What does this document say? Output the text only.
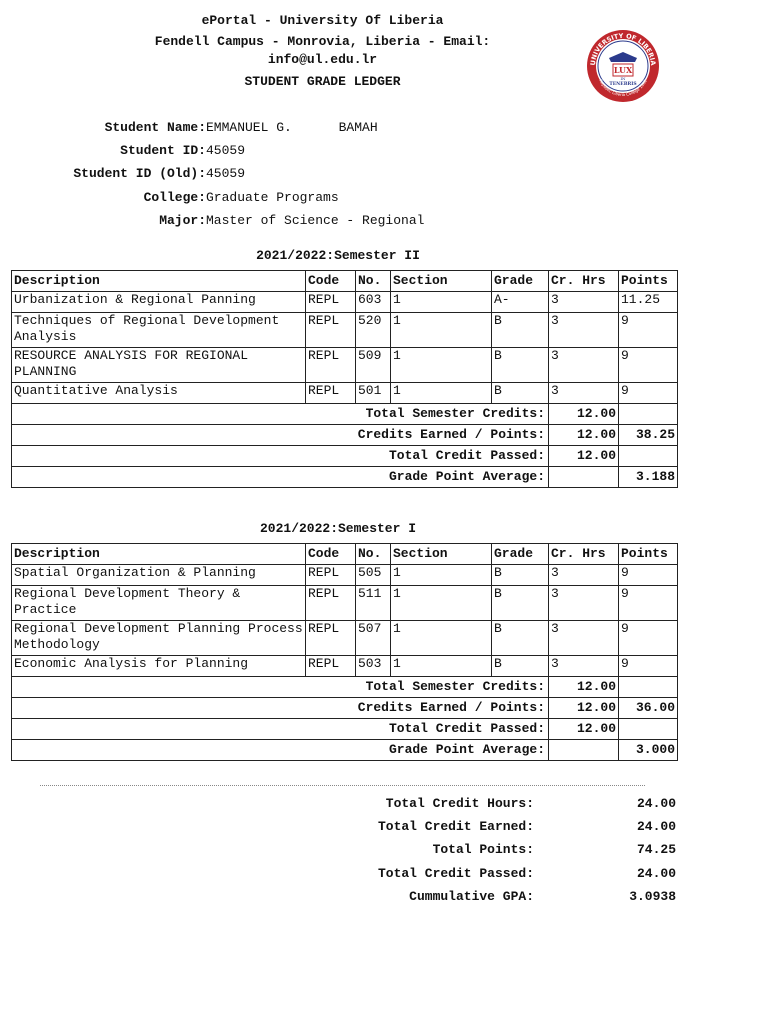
ePortal - University Of Liberia
Fendell Campus - Monrovia, Liberia - Email:
info@ul.edu.lr
STUDENT GRADE LEDGER
UNIVERSITY OF LIBERIA
Republic Liberia College 1862
LUX
IN
TENEBRIS
Student Name:EMMANUEL G.      BAMAH
Student ID:45059
Student ID (Old):45059
College:Graduate Programs
Major:Master of Science - Regional
2021/2022:Semester II
Description	Code	No.	Section	Grade	Cr. Hrs	Points
Urbanization & Regional Panning	REPL	603	1	A-	3	11.25
Techniques of Regional Development Analysis	REPL	520	1	B	3	9
RESOURCE ANALYSIS FOR REGIONAL PLANNING	REPL	509	1	B	3	9
Quantitative Analysis	REPL	501	1	B	3	9
Total Semester Credits:					12.00	
Credits Earned / Points:					12.00	38.25
Total Credit Passed:					12.00	
Grade Point Average:						3.188
2021/2022:Semester I
Description	Code	No.	Section	Grade	Cr. Hrs	Points
Spatial Organization & Planning	REPL	505	1	B	3	9
Regional Development Theory & Practice	REPL	511	1	B	3	9
Regional Development Planning Process Methodology	REPL	507	1	B	3	9
Economic Analysis for Planning	REPL	503	1	B	3	9
Total Semester Credits:					12.00	
Credits Earned / Points:					12.00	36.00
Total Credit Passed:					12.00	
Grade Point Average:						3.000
Total Credit Hours:	24.00
Total Credit Earned:	24.00
Total Points:	74.25
Total Credit Passed:	24.00
Cummulative GPA:	3.0938
